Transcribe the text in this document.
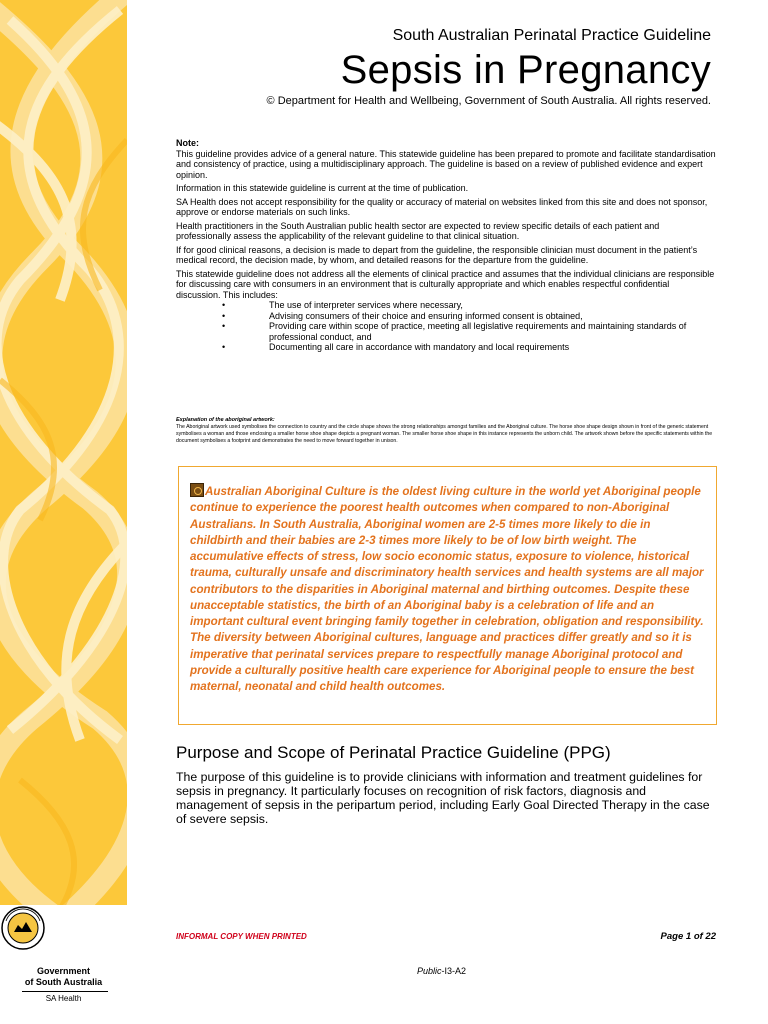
Government
of South Australia
SA Health
South Australian Perinatal Practice Guideline
Sepsis in Pregnancy
© Department for Health and Wellbeing, Government of South Australia. All rights reserved.
Note:

This guideline provides advice of a general nature. This statewide guideline has been prepared to promote and facilitate standardisation and consistency of practice, using a multidisciplinary approach. The guideline is based on a review of published evidence and expert opinion.

Information in this statewide guideline is current at the time of publication.

SA Health does not accept responsibility for the quality or accuracy of material on websites linked from this site and does not sponsor, approve or endorse materials on such links.

Health practitioners in the South Australian public health sector are expected to review specific details of each patient and professionally assess the applicability of the relevant guideline to that clinical situation.

If for good clinical reasons, a decision is made to depart from the guideline, the responsible clinician must document in the patient’s medical record, the decision made, by whom, and detailed reasons for the departure from the guideline.

This statewide guideline does not address all the elements of clinical practice and assumes that the individual clinicians are responsible for discussing care with consumers in an environment that is culturally appropriate and which enables respectful confidential discussion. This includes:

•	The use of interpreter services where necessary,
•	Advising consumers of their choice and ensuring informed consent is obtained,
•	Providing care within scope of practice, meeting all legislative requirements and maintaining standards of professional conduct, and
•	Documenting all care in accordance with mandatory and local requirements
Explanation of the aboriginal artwork:
The Aboriginal artwork used symbolises the connection to country and the circle shape shows the strong relationships amongst families and the Aboriginal culture. The horse shoe shape design shown in front of the generic statement symbolises a woman and those enclosing a smaller horse shoe shape depicts a pregnant woman. The smaller horse shoe shape in this instance represents the unborn child. The artwork shown before the specific statements within the document symbolises a footprint and demonstrates the need to move forward together in unison.
Australian Aboriginal Culture is the oldest living culture in the world yet Aboriginal people continue to experience the poorest health outcomes when compared to non-Aboriginal Australians. In South Australia, Aboriginal women are 2-5 times more likely to die in childbirth and their babies are 2-3 times more likely to be of low birth weight. The accumulative effects of stress, low socio economic status, exposure to violence, historical trauma, culturally unsafe and discriminatory health services and health systems are all major contributors to the disparities in Aboriginal maternal and birthing outcomes. Despite these unacceptable statistics, the birth of an Aboriginal baby is a celebration of life and an important cultural event bringing family together in celebration, obligation and responsibility. The diversity between Aboriginal cultures, language and practices differ greatly and so it is imperative that perinatal services prepare to respectfully manage Aboriginal protocol and provide a culturally positive health care experience for Aboriginal people to ensure the best maternal, neonatal and child health outcomes.
Purpose and Scope of Perinatal Practice Guideline (PPG)
The purpose of this guideline is to provide clinicians with information and treatment guidelines for sepsis in pregnancy. It particularly focuses on recognition of risk factors, diagnosis and management of sepsis in the peripartum period, including Early Goal Directed Therapy in the case of severe sepsis.
INFORMAL COPY WHEN PRINTED	Page 1 of 22
Public-I3-A2
